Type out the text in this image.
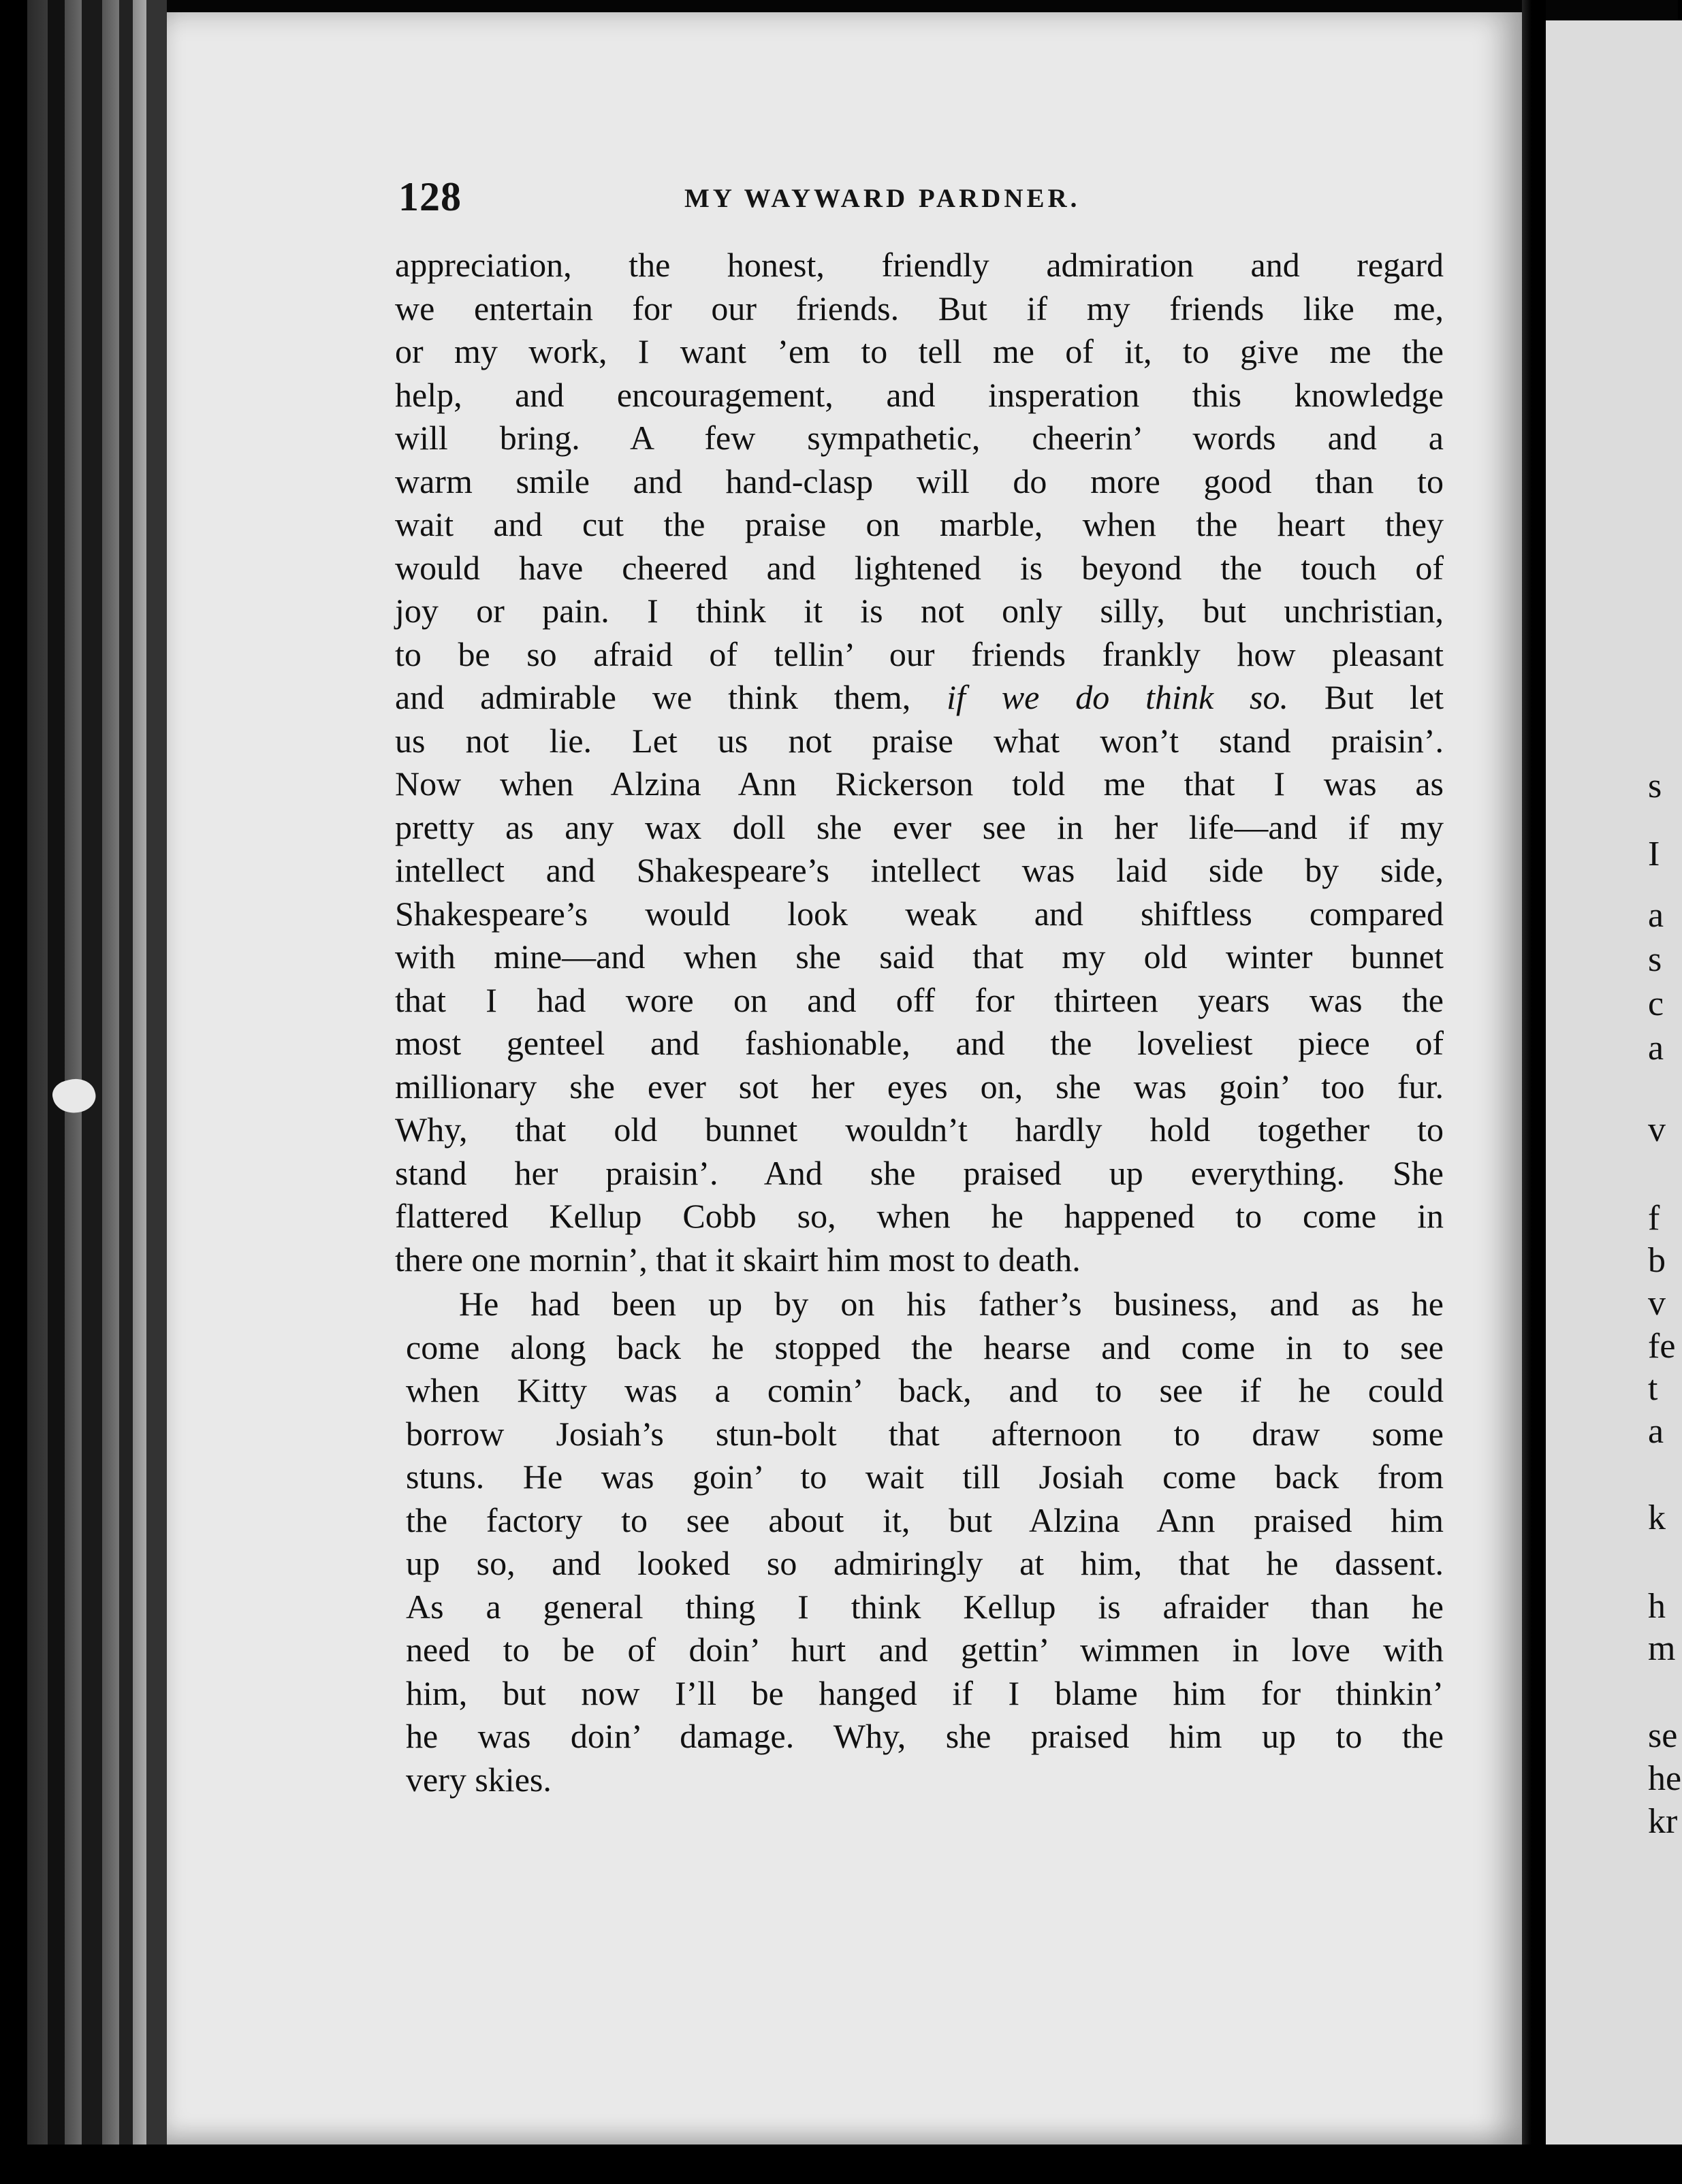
128	MY WAYWARD PARDNER.
appreciation, the honest, friendly admiration and regard
we entertain for our friends. But if my friends like me,
or my work, I want ’em to tell me of it, to give me the
help, and encouragement, and insperation this knowledge
will bring. A few sympathetic, cheerin’ words and a
warm smile and hand-clasp will do more good than to
wait and cut the praise on marble, when the heart they
would have cheered and lightened is beyond the touch of
joy or pain. I think it is not only silly, but unchristian,
to be so afraid of tellin’ our friends frankly how pleasant
and admirable we think them, if we do think so. But let
us not lie. Let us not praise what won’t stand praisin’.
Now when Alzina Ann Rickerson told me that I was as
pretty as any wax doll she ever see in her life—and if my
intellect and Shakespeare’s intellect was laid side by side,
Shakespeare’s would look weak and shiftless compared
with mine—and when she said that my old winter bunnet
that I had wore on and off for thirteen years was the
most genteel and fashionable, and the loveliest piece of
millionary she ever sot her eyes on, she was goin’ too fur.
Why, that old bunnet wouldn’t hardly hold together to
stand her praisin’. And she praised up everything. She
flattered Kellup Cobb so, when he happened to come in
there one mornin’, that it skairt him most to death.
He had been up by on his father’s business, and as he
come along back he stopped the hearse and come in to see
when Kitty was a comin’ back, and to see if he could
borrow Josiah’s stun-bolt that afternoon to draw some
stuns. He was goin’ to wait till Josiah come back from
the factory to see about it, but Alzina Ann praised him
up so, and looked so admiringly at him, that he dassent.
As a general thing I think Kellup is afraider than he
need to be of doin’ hurt and gettin’ wimmen in love with
him, but now I’ll be hanged if I blame him for thinkin’
he was doin’ damage. Why, she praised him up to the
very skies.
s
I
a
s
c
a
v
f
b
v
fe
t
a
k
h
m
se
he
kr
